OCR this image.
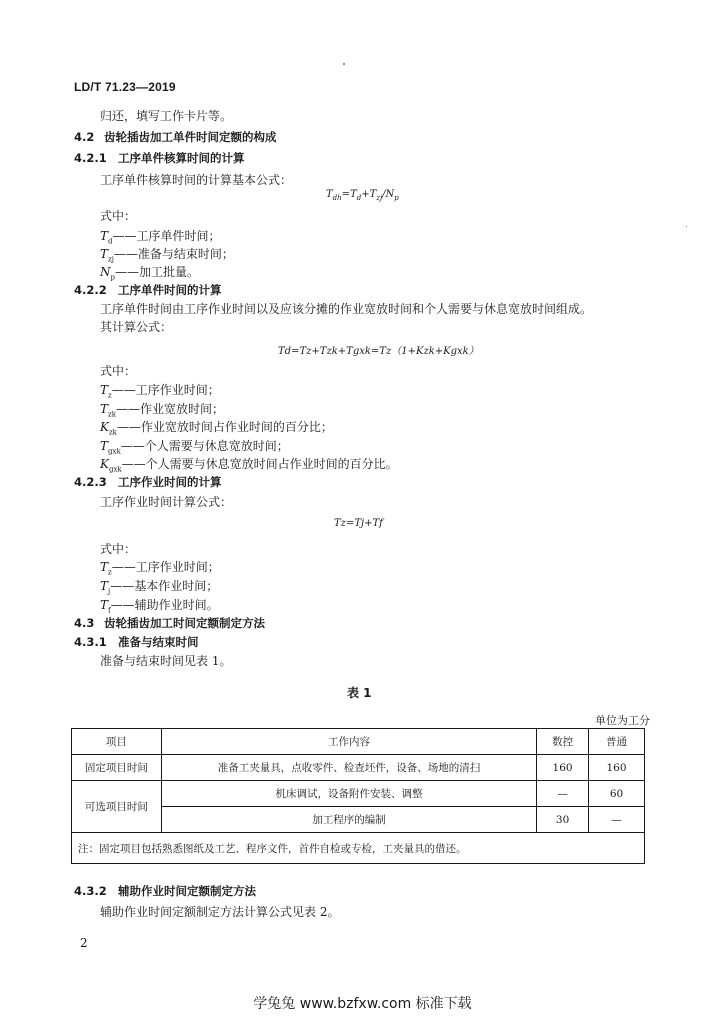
LD/T 71.23—2019
归还，填写工作卡片等。
4.2 齿轮插齿加工单件时间定额的构成
4.2.1 工序单件核算时间的计算
工序单件核算时间的计算基本公式：
$T_{dh}=T_d+T_{zj}/N_p$
式中：
$T_d——$工序单件时间；
$T_{zj}——$准备与结束时间；
$N_p——$加工批量。
4.2.2 工序单件时间的计算
工序单件时间由工序作业时间以及应该分摊的作业宽放时间和个人需要与休息宽放时间组成。
其计算公式：
Td=Tz+Tzk+Tgxk=Tz（1+Kzk+Kgxk）
式中：
$T_z——$工序作业时间；
$T_{zk}——$作业宽放时间；
$K_{zk}——$作业宽放时间占作业时间的百分比；
$T_{gxk}——$个人需要与休息宽放时间；
$K_{gxk}——$个人需要与休息宽放时间占作业时间的百分比。
4.2.3 工序作业时间的计算
工序作业时间计算公式：
Tz=Tj+Tf
式中：
$T_z——$工序作业时间；
$T_j——$基本作业时间；
$T_f——$辅助作业时间。
4.3 齿轮插齿加工时间定额制定方法
4.3.1 准备与结束时间
准备与结束时间见表 1。
表 1
单位为工分
项目	工作内容	数控	普通
固定项目时间	准备工夹量具，点收零件、检查坯件，设备、场地的清扫	160	160
可选项目时间	机床调试，设备附件安装、调整	—	60
	加工程序的编制	30	—
注：固定项目包括熟悉图纸及工艺、程序文件，首件自检或专检，工夹量具的借还。			
4.3.2 辅助作业时间定额制定方法
辅助作业时间定额制定方法计算公式见表 2。
2
学兔兔 www.bzfxw.com 标准下载
